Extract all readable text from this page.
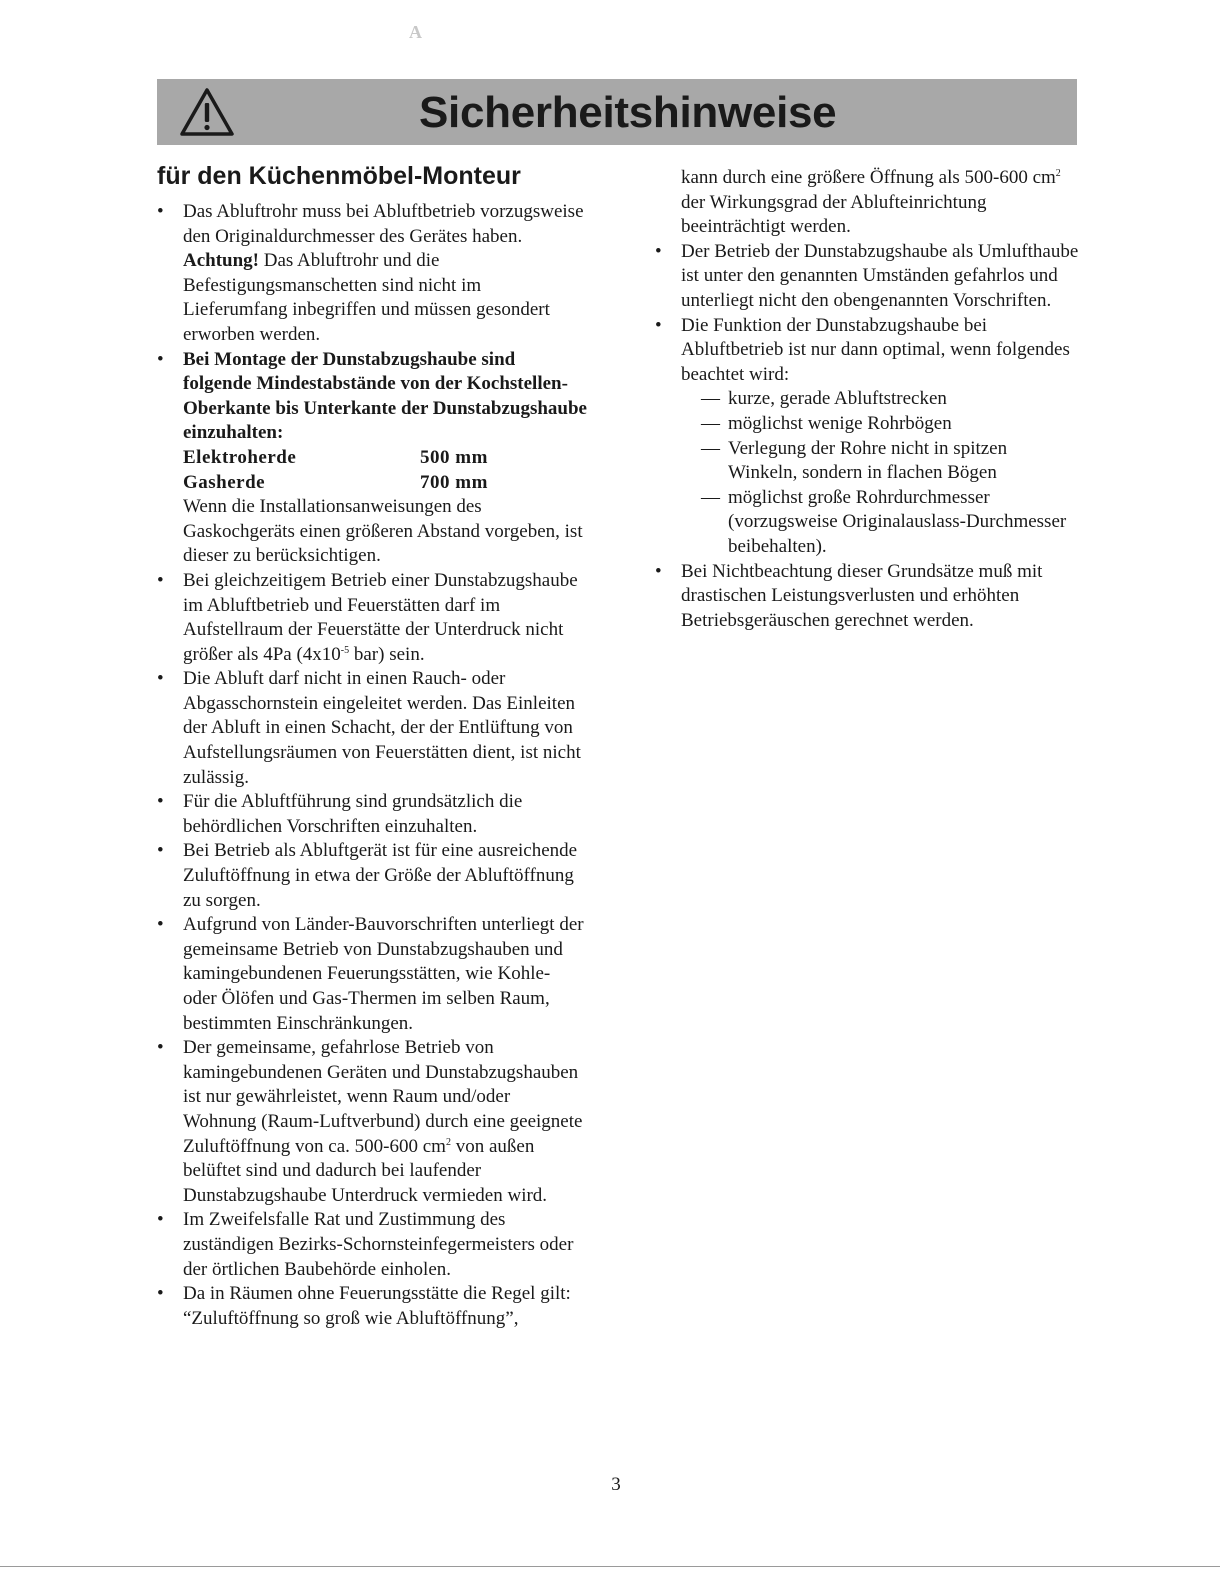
A
Sicherheitshinweise
für den Küchenmöbel-Monteur
•	Das Abluftrohr muss bei Abluftbetrieb vorzugsweise den Originaldurchmesser des Gerätes haben.
Achtung! Das Abluftrohr und die Befestigungsmanschetten sind nicht im Lieferumfang inbegriffen und müssen gesondert erworben werden.
•	Bei Montage der Dunstabzugshaube sind folgende Mindestabstände von der Kochstellen-Oberkante bis Unterkante der Dunstabzugshaube einzuhalten:
Elektroherde	500 mm
Gasherde	700 mm
Wenn die Installationsanweisungen des Gaskochgeräts einen größeren Abstand vorgeben, ist dieser zu berücksichtigen.
•	Bei gleichzeitigem Betrieb einer Dunstabzugshaube im Abluftbetrieb und Feuerstätten darf im Aufstellraum der Feuerstätte der Unterdruck nicht größer als 4Pa ($4x10^{-5}$ bar) sein.
•	Die Abluft darf nicht in einen Rauch- oder Abgasschornstein eingeleitet werden. Das Einleiten der Abluft in einen Schacht, der der Entlüftung von Aufstellungsräumen von Feuerstätten dient, ist nicht zulässig.
•	Für die Abluftführung sind grundsätzlich die behördlichen Vorschriften einzuhalten.
•	Bei Betrieb als Abluftgerät ist für eine ausreichende
Zuluftöffnung in etwa der Größe der Abluftöffnung zu sorgen.
•	Aufgrund von Länder-Bauvorschriften unterliegt der gemeinsame Betrieb von Dunstabzugshauben und kamingebundenen Feuerungsstätten, wie Kohle- oder Ölöfen und Gas-Thermen im selben Raum, bestimmten Einschränkungen.
•	Der gemeinsame, gefahrlose Betrieb von kamingebundenen Geräten und Dunstabzugshauben ist nur gewährleistet, wenn Raum und/oder Wohnung (Raum-Luftverbund) durch eine geeignete Zuluftöffnung von ca. 500-600 $cm^2$ von außen belüftet sind und dadurch bei laufender Dunstabzugshaube Unterdruck vermieden wird.
•	Im Zweifelsfalle Rat und Zustimmung des zuständigen Bezirks-Schornsteinfegermeisters oder der örtlichen Baubehörde einholen.
•	Da in Räumen ohne Feuerungsstätte die Regel gilt: “Zuluftöffnung so groß wie Abluftöffnung”,
kann durch eine größere Öffnung als 500-600 $cm^2$ der Wirkungsgrad der Ablufteinrichtung beeinträchtigt werden.
•	Der Betrieb der Dunstabzugshaube als Umlufthaube ist unter den genannten Umständen gefahrlos und unterliegt nicht den obengenannten Vorschriften.
•	Die Funktion der Dunstabzugshaube bei Abluftbetrieb ist nur dann optimal, wenn folgendes beachtet wird:
— kurze, gerade Abluftstrecken
— möglichst wenige Rohrbögen
— Verlegung der Rohre nicht in spitzen Winkeln, sondern in flachen Bögen
— möglichst große Rohrdurchmesser (vorzugsweise Originalauslass-Durchmesser beibehalten).
•	Bei Nichtbeachtung dieser Grundsätze muß mit drastischen Leistungsverlusten und erhöhten Betriebsgeräuschen gerechnet werden.
3
